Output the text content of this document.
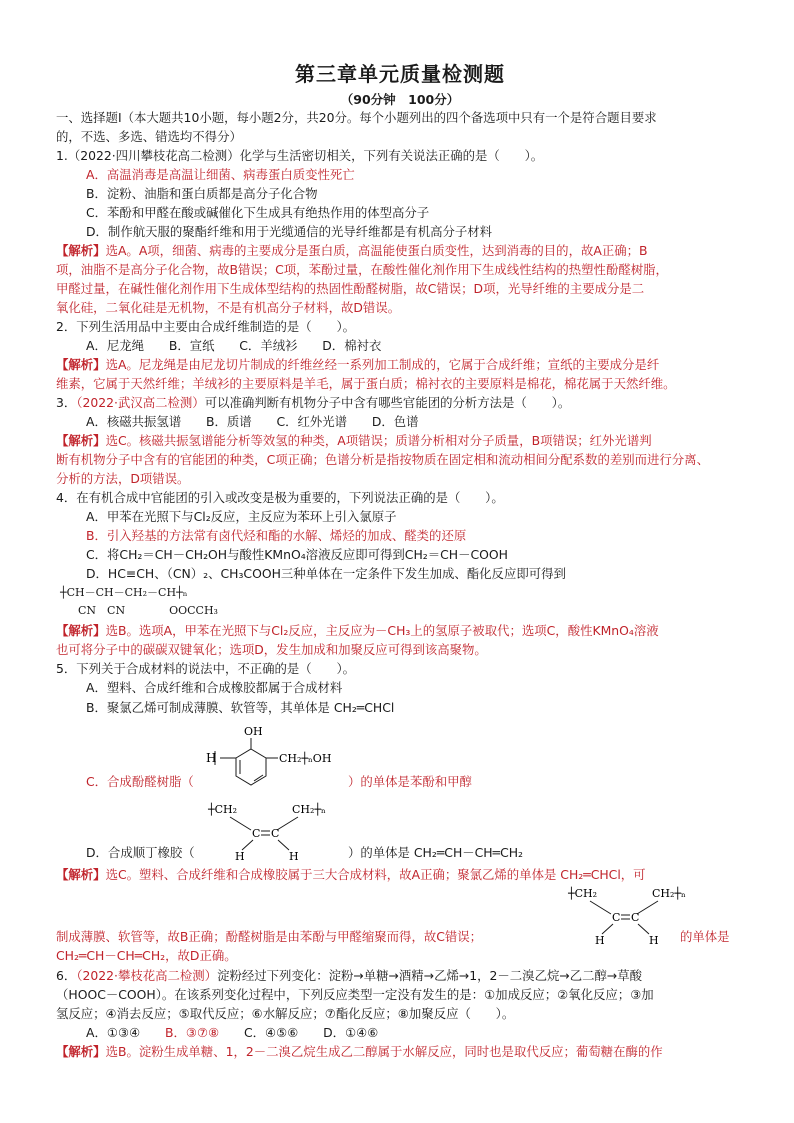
第三章单元质量检测题
（90分钟　100分）
一、选择题Ⅰ（本大题共10小题，每小题2分，共20分。每个小题列出的四个备选项中只有一个是符合题目要求
的，不选、多选、错选均不得分）
1.（2022·四川攀枝花高二检测）化学与生活密切相关，下列有关说法正确的是（　　）。
A．高温消毒是高温让细菌、病毒蛋白质变性死亡
B．淀粉、油脂和蛋白质都是高分子化合物
C．苯酚和甲醛在酸或碱催化下生成具有绝热作用的体型高分子
D．制作航天服的聚酯纤维和用于光缆通信的光导纤维都是有机高分子材料
【解析】选A。A项，细菌、病毒的主要成分是蛋白质，高温能使蛋白质变性，达到消毒的目的，故A正确；B
项，油脂不是高分子化合物，故B错误；C项，苯酚过量，在酸性催化剂作用下生成线性结构的热塑性酚醛树脂，
甲醛过量，在碱性催化剂作用下生成体型结构的热固性酚醛树脂，故C错误；D项，光导纤维的主要成分是二
氧化硅，二氧化硅是无机物，不是有机高分子材料，故D错误。
2．下列生活用品中主要由合成纤维制造的是（　　）。
A．尼龙绳　　B．宣纸　　C．羊绒衫　　D．棉衬衣
【解析】选A。尼龙绳是由尼龙切片制成的纤维丝经一系列加工制成的，它属于合成纤维；宣纸的主要成分是纤
维素，它属于天然纤维；羊绒衫的主要原料是羊毛，属于蛋白质；棉衬衣的主要原料是棉花，棉花属于天然纤维。
3．（2022·武汉高二检测）可以准确判断有机物分子中含有哪些官能团的分析方法是（　　）。
A．核磁共振氢谱　　B．质谱　　C．红外光谱　　D．色谱
【解析】选C。核磁共振氢谱能分析等效氢的种类，A项错误；质谱分析相对分子质量，B项错误；红外光谱判
断有机物分子中含有的官能团的种类，C项正确；色谱分析是指按物质在固定相和流动相间分配系数的差别而进行分离、
分析的方法，D项错误。
4．在有机合成中官能团的引入或改变是极为重要的，下列说法正确的是（　　）。
A．甲苯在光照下与Cl₂反应，主反应为苯环上引入氯原子
B．引入羟基的方法常有卤代烃和酯的水解、烯烃的加成、醛类的还原
C．将CH₂＝CH－CH₂OH与酸性KMnO₄溶液反应即可得到CH₂＝CH－COOH
D．HC≡CH、（CN）₂、CH₃COOH三种单体在一定条件下发生加成、酯化反应即可得到
┼CH－CH－CH₂－CH┼ₙ
CN　CN　　　　OOCCH₃
【解析】选B。选项A，甲苯在光照下与Cl₂反应，主反应为－CH₃上的氢原子被取代；选项C，酸性KMnO₄溶液
也可将分子中的碳碳双键氧化；选项D，发生加成和加聚反应可得到该高聚物。
5．下列关于合成材料的说法中，不正确的是（　　）。
A．塑料、合成纤维和合成橡胶都属于合成材料
B．聚氯乙烯可制成薄膜、软管等，其单体是 CH₂═CHCl
OH
H	CH₂┼ₙOH
C．合成酚醛树脂（	）的单体是苯酚和甲醇
┼CH₂	CH₂┼ₙ
C C
H	H
D．合成顺丁橡胶（	）的单体是 CH₂═CH－CH═CH₂
【解析】选C。塑料、合成纤维和合成橡胶属于三大合成材料，故A正确；聚氯乙烯的单体是 CH₂═CHCl，可
┼CH₂	CH₂┼ₙ
C C
H	H
制成薄膜、软管等，故B正确；酚醛树脂是由苯酚与甲醛缩聚而得，故C错误；	的单体是
CH₂═CH－CH═CH₂，故D正确。
6．（2022·攀枝花高二检测）淀粉经过下列变化：淀粉→单糖→酒精→乙烯→1，2－二溴乙烷→乙二醇→草酸
（HOOC－COOH）。在该系列变化过程中，下列反应类型一定没有发生的是：①加成反应；②氧化反应；③加
氢反应；④消去反应；⑤取代反应；⑥水解反应；⑦酯化反应；⑧加聚反应（　　）。
A．①③④　　B．③⑦⑧　　C．④⑤⑥　　D．①④⑥
【解析】选B。淀粉生成单糖、1，2－二溴乙烷生成乙二醇属于水解反应，同时也是取代反应；葡萄糖在酶的作
